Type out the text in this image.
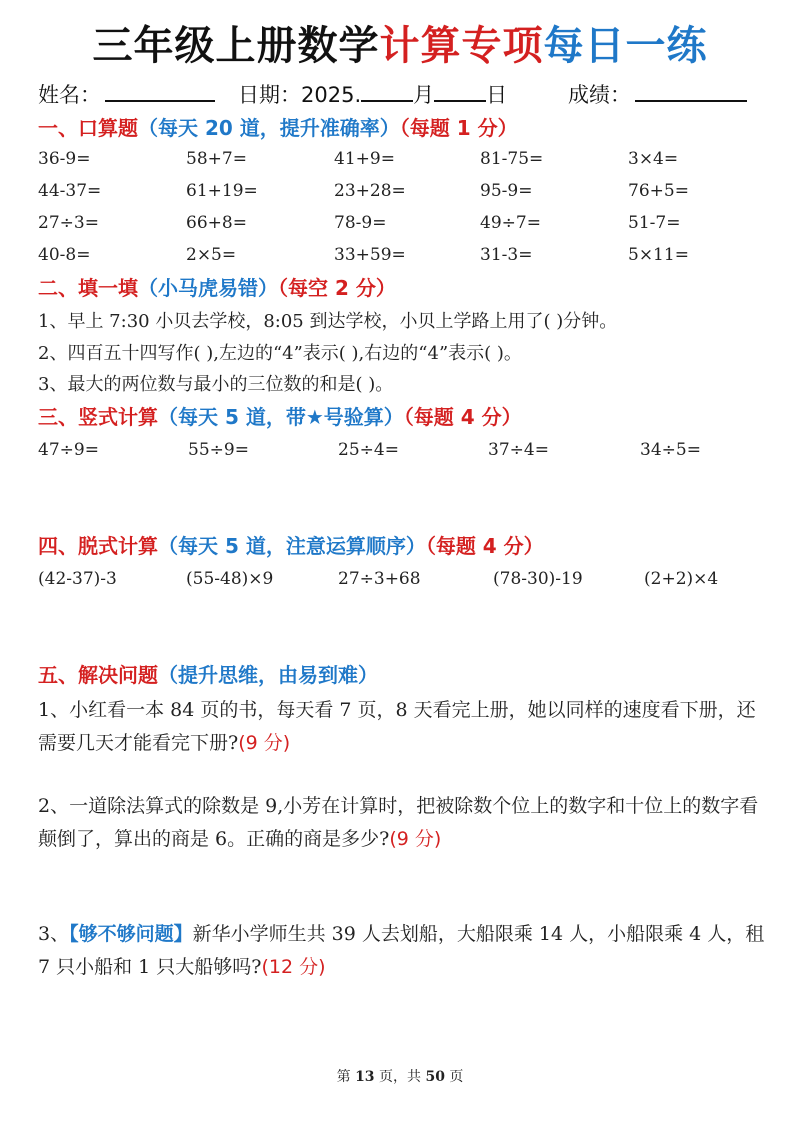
三年级上册数学计算专项每日一练
姓名：	日期：2025. 月 日	成绩：
一、口算题（每天 20 道，提升准确率）（每题 1 分）
36-9=	58+7=	41+9=	81-75=	3×4=
44-37=	61+19=	23+28=	95-9=	76+5=
27÷3=	66+8=	78-9=	49÷7=	51-7=
40-8=	2×5=	33+59=	31-3=	5×11=
二、填一填（小马虎易错）（每空 2 分）
1、早上 7:30 小贝去学校，8:05 到达学校，小贝上学路上用了( )分钟。
2、四百五十四写作( ),左边的“4”表示( ),右边的“4”表示( )。
3、最大的两位数与最小的三位数的和是( )。
三、竖式计算（每天 5 道，带★号验算）（每题 4 分）
47÷9=	55÷9=	25÷4=	37÷4=	34÷5=
四、脱式计算（每天 5 道，注意运算顺序）（每题 4 分）
(42-37)-3	(55-48)×9	27÷3+68	(78-30)-19	(2+2)×4
五、解决问题（提升思维，由易到难）
1、小红看一本 84 页的书，每天看 7 页，8 天看完上册，她以同样的速度看下册，还需要几天才能看完下册?(9 分)
2、一道除法算式的除数是 9,小芳在计算时，把被除数个位上的数字和十位上的数字看颠倒了，算出的商是 6。正确的商是多少?(9 分)
3、【够不够问题】新华小学师生共 39 人去划船，大船限乘 14 人，小船限乘 4 人，租 7 只小船和 1 只大船够吗?(12 分)
第 13 页，共 50 页
